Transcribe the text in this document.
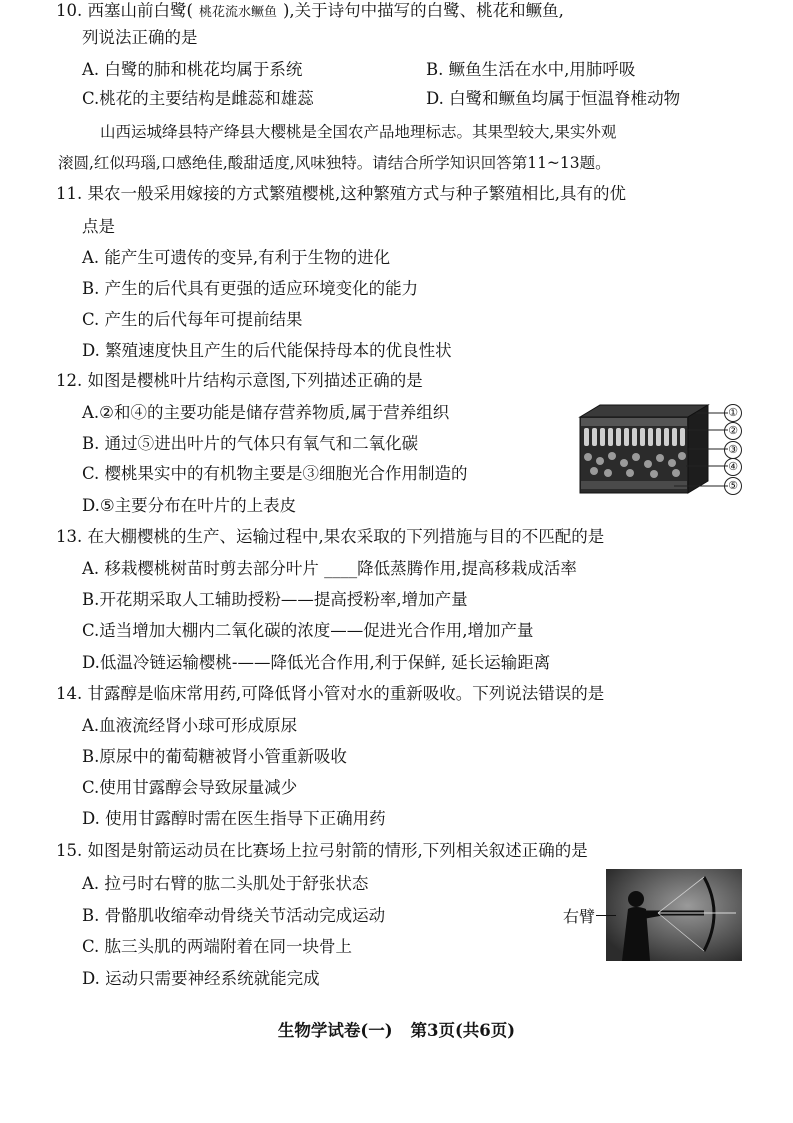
10. 西塞山前白鹭( 桃花流水鳜鱼 ),关于诗句中描写的白鹭、桃花和鳜鱼,
列说法正确的是
A. 白鹭的肺和桃花均属于系统	B. 鳜鱼生活在水中,用肺呼吸
C.桃花的主要结构是雌蕊和雄蕊	D. 白鹭和鳜鱼均属于恒温脊椎动物
山西运城绛县特产绛县大樱桃是全国农产品地理标志。其果型较大,果实外观
滚圆,红似玛瑙,口感绝佳,酸甜适度,风味独特。请结合所学知识回答第11~13题。
11. 果农一般采用嫁接的方式繁殖樱桃,这种繁殖方式与种子繁殖相比,具有的优
点是
A. 能产生可遗传的变异,有利于生物的进化
B. 产生的后代具有更强的适应环境变化的能力
C. 产生的后代每年可提前结果
D. 繁殖速度快且产生的后代能保持母本的优良性状
12. 如图是樱桃叶片结构示意图,下列描述正确的是
A.②和④的主要功能是储存营养物质,属于营养组织
B. 通过⑤进出叶片的气体只有氧气和二氧化碳
C. 樱桃果实中的有机物主要是③细胞光合作用制造的
D.⑤主要分布在叶片的上表皮
①
②
③
④
⑤
13. 在大棚樱桃的生产、运输过程中,果农采取的下列措施与目的不匹配的是
A. 移栽樱桃树苗时剪去部分叶片 ____降低蒸腾作用,提高移栽成活率
B.开花期采取人工辅助授粉——提高授粉率,增加产量
C.适当增加大棚内二氧化碳的浓度——促进光合作用,增加产量
D.低温冷链运输樱桃-——降低光合作用,利于保鲜, 延长运输距离
14. 甘露醇是临床常用药,可降低肾小管对水的重新吸收。下列说法错误的是
A.血液流经肾小球可形成原尿
B.原尿中的葡萄糖被肾小管重新吸收
C.使用甘露醇会导致尿量减少
D. 使用甘露醇时需在医生指导下正确用药
15. 如图是射箭运动员在比赛场上拉弓射箭的情形,下列相关叙述正确的是
A. 拉弓时右臂的肱二头肌处于舒张状态
B. 骨骼肌收缩牵动骨绕关节活动完成运动
C. 肱三头肌的两端附着在同一块骨上
D. 运动只需要神经系统就能完成
右臂
生物学试卷(一) 第3页(共6页)
